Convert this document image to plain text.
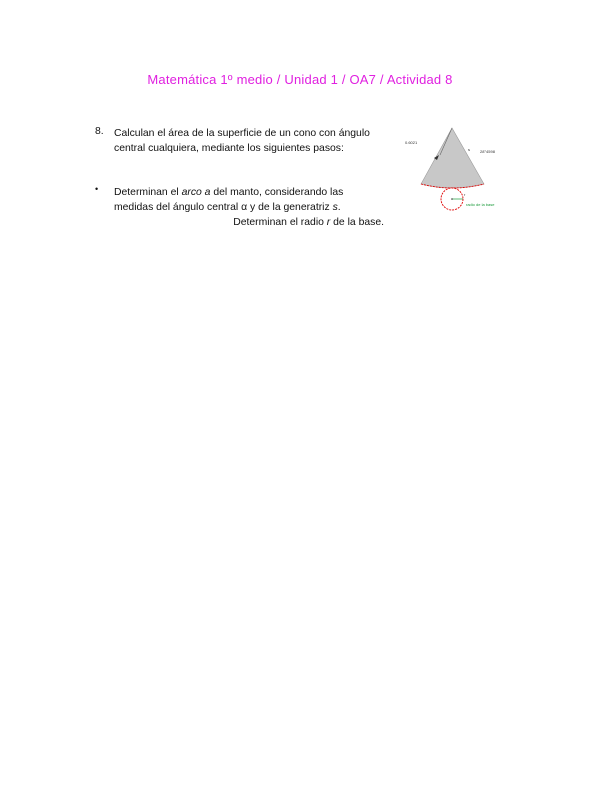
Matemática 1º medio / Unidad 1 / OA7 / Actividad 8
8. Calculan el área de la superficie de un cono con ángulo central cualquiera, mediante los siguientes pasos:
• Determinan el arco a del manto, considerando las medidas del ángulo central α y de la generatriz s.
Determinan el radio r de la base.
0.6021
s	28°4598
r
radio de la base
